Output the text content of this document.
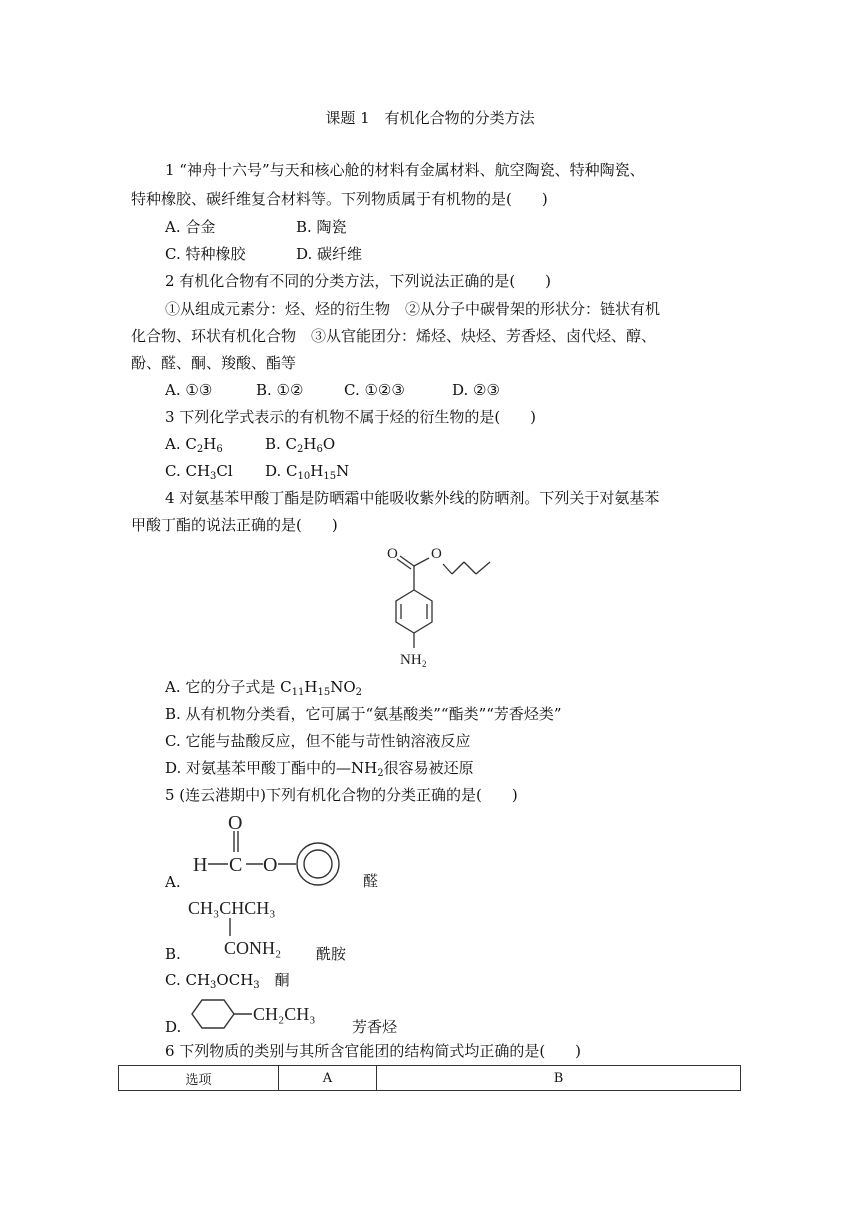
课题 1　有机化合物的分类方法
1 “神舟十六号”与天和核心舱的材料有金属材料、航空陶瓷、特种陶瓷、
特种橡胶、碳纤维复合材料等。下列物质属于有机物的是(　　)
A. 合金	B. 陶瓷
C. 特种橡胶	D. 碳纤维
2 有机化合物有不同的分类方法，下列说法正确的是(　　)
①从组成元素分：烃、烃的衍生物　②从分子中碳骨架的形状分：链状有机
化合物、环状有机化合物　③从官能团分：烯烃、炔烃、芳香烃、卤代烃、醇、
酚、醛、酮、羧酸、酯等
A. ①③	B. ①②	C. ①②③	D. ②③
3 下列化学式表示的有机物不属于烃的衍生物的是(　　)
A. $C_2H_6$	B. $C_2H_6O$
C. $CH_3Cl$ D. $C_{10}H_{15}N$
4 对氨基苯甲酸丁酯是防晒霜中能吸收紫外线的防晒剂。下列关于对氨基苯
甲酸丁酯的说法正确的是(　　)
O O
NH 2
A. 它的分子式是 $C_{11}H_{15}NO_2$
B. 从有机物分类看，它可属于“氨基酸类”“酯类”“芳香烃类”
C. 它能与盐酸反应，但不能与苛性钠溶液反应
D. 对氨基苯甲酸丁酯中的$—NH_2$很容易被还原
5 (连云港期中)下列有机化合物的分类正确的是(　　)
A.
O
H C O
醛
B.
CH₃CHCH₃
CONH₂ 酰胺
C. $CH_3OCH_3$　 酮
D.
CH₂CH₃
芳香烃
6 下列物质的类别与其所含官能团的结构简式均正确的是(　　)
选项	A	B
